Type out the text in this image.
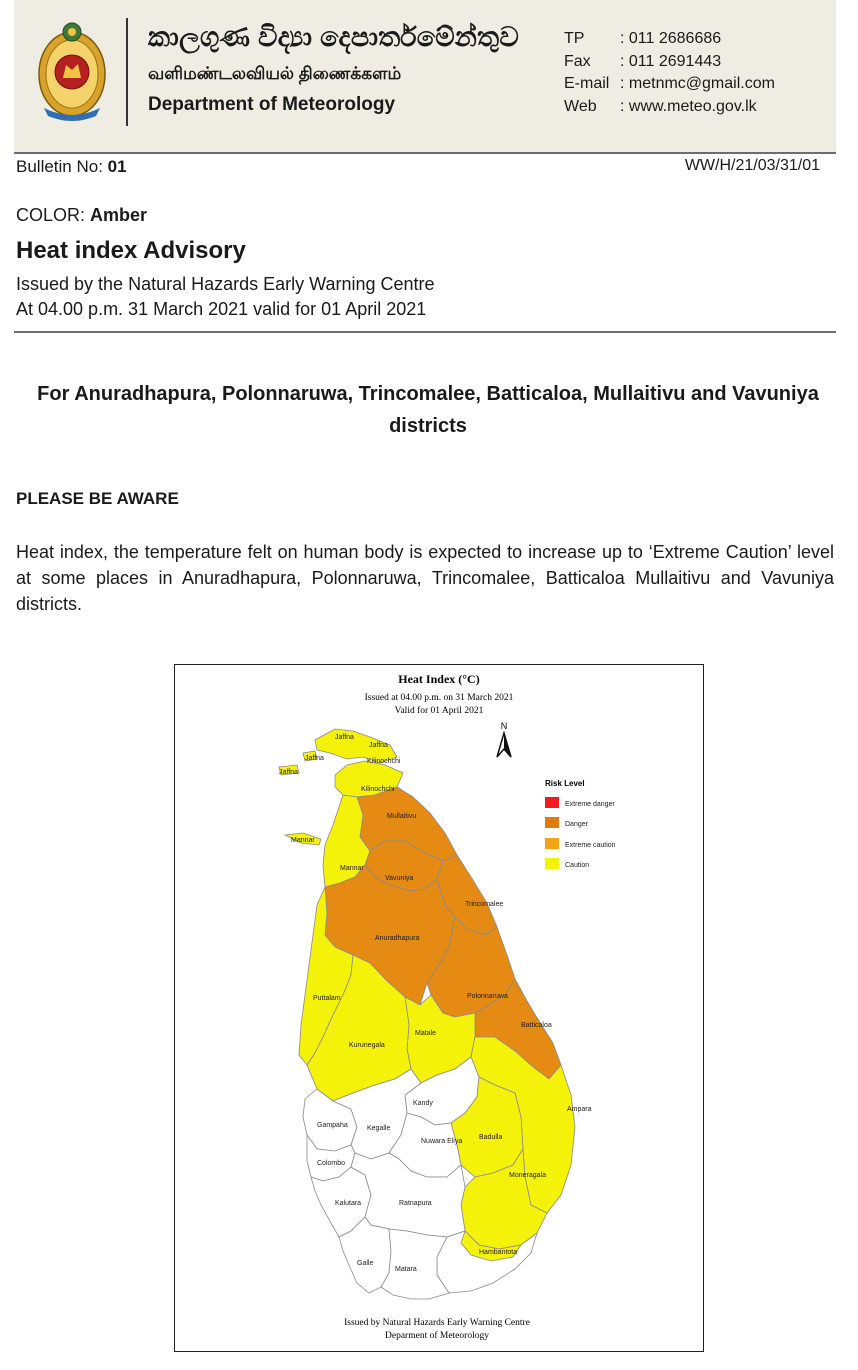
කාලගුණ විද්‍යා දෙපාර්තමේන්තුව
வளிமண்டலவியல் திணைக்களம்
Department of Meteorology
TP	: 011 2686686
Fax	: 011 2691443
E-mail : metnmc@gmail.com
Web	: www.meteo.gov.lk
Bulletin No: 01	WW/H/21/03/31/01
COLOR: Amber
Heat index Advisory
Issued by the Natural Hazards Early Warning Centre
At 04.00 p.m. 31 March 2021 valid for 01 April 2021
For Anuradhapura, Polonnaruwa, Trincomalee, Batticaloa, Mullaitivu and Vavuniya districts
PLEASE BE AWARE
Heat index, the temperature felt on human body is expected to increase up to ‘Extreme Caution’ level at some places in Anuradhapura, Polonnaruwa, Trincomalee, Batticaloa Mullaitivu and Vavuniya districts.
Heat Index (°C)
Issued at 04.00 p.m. on 31 March 2021
Valid for 01 April 2021
N
Risk Level
Extreme danger
Danger
Extreme caution
Caution
Jaffna
Jaffna
Jaffna
Jaffna	Kilinochchi
Kilinochchi
Mannar
Mannar
Mullaitivu
Vavuniya
Trincomalee
Anuradhapura
Puttalam	Polonnaruwa
Batticaloa
Matale
Kurunegala
Kandy
Ampara
Gampaha	Kegalle
Nuwara Eliya
Badulla
Colombo
Moneragala
Kalutara	Ratnapura
Hambantota
Galle
Matara
Issued by Natural Hazards Early Warning Centre
Deparment of Meteorology
